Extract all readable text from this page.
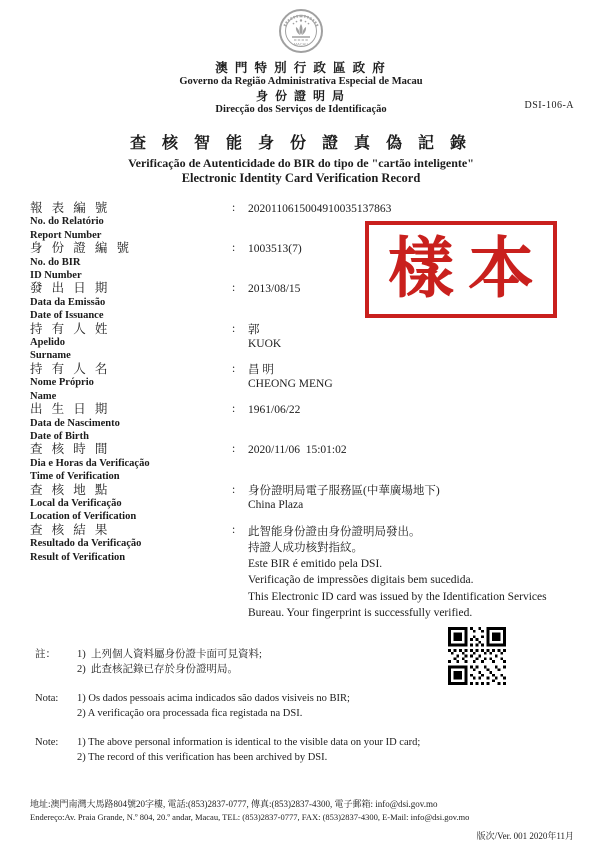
MACAU
澳 門 特 別 行 政 區 政 府
Governo da Região Administrativa Especial de Macau
身 份 證 明 局
Direcção dos Serviços de Identificação	DSI-106-A
查 核 智 能 身 份 證 真 偽 記 錄
Verificação de Autenticidade do BIR do tipo de "cartão inteligente"
Electronic Identity Card Verification Record
樣本
報 表 編 號
No. do Relatório
Report Number
:	2020110615004910035137863
身 份 證 編 號
No. do BIR
ID Number
:	1003513(7)
發 出 日 期
Data da Emissão
Date of Issuance
:	2013/08/15
持 有 人 姓
Apelido
Surname
:	郭
KUOK
持 有 人 名
Nome Próprio
Name
:	昌 明
CHEONG MENG
出 生 日 期
Data de Nascimento
Date of Birth
:	1961/06/22
查 核 時 間
Dia e Horas da Verificação
Time of Verification
:	2020/11/06  15:01:02
查 核 地 點
Local da Verificação
Location of Verification
:	身份證明局電子服務區(中華廣場地下)
China Plaza
查 核 結 果
Resultado da Verificação
Result of Verification
:	此智能身份證由身份證明局發出。
持證人成功核對指紋。
Este BIR é emitido pela DSI.
Verificação de impressões digitais bem sucedida.
This Electronic ID card was issued by the Identification Services
Bureau. Your fingerprint is successfully verified.
註：	1)  上列個人資料屬身份證卡面可見資料;
2)  此查核記錄已存於身份證明局。
Nota:	1) Os dados pessoais acima indicados são dados visiveis no BIR;
2) A verificação ora processada fica registada na DSI.
Note:	1) The above personal information is identical to the visible data on your ID card;
2) The record of this verification has been archived by DSI.
地址:澳門南灣大馬路804號20字樓, 電話:(853)2837-0777, 傳真:(853)2837-4300, 電子郵箱: info@dsi.gov.mo
Endereço:Av. Praia Grande, N.º 804, 20.º andar, Macau, TEL: (853)2837-0777, FAX: (853)2837-4300, E-Mail: info@dsi.gov.mo
版次/Ver. 001 2020年11月
